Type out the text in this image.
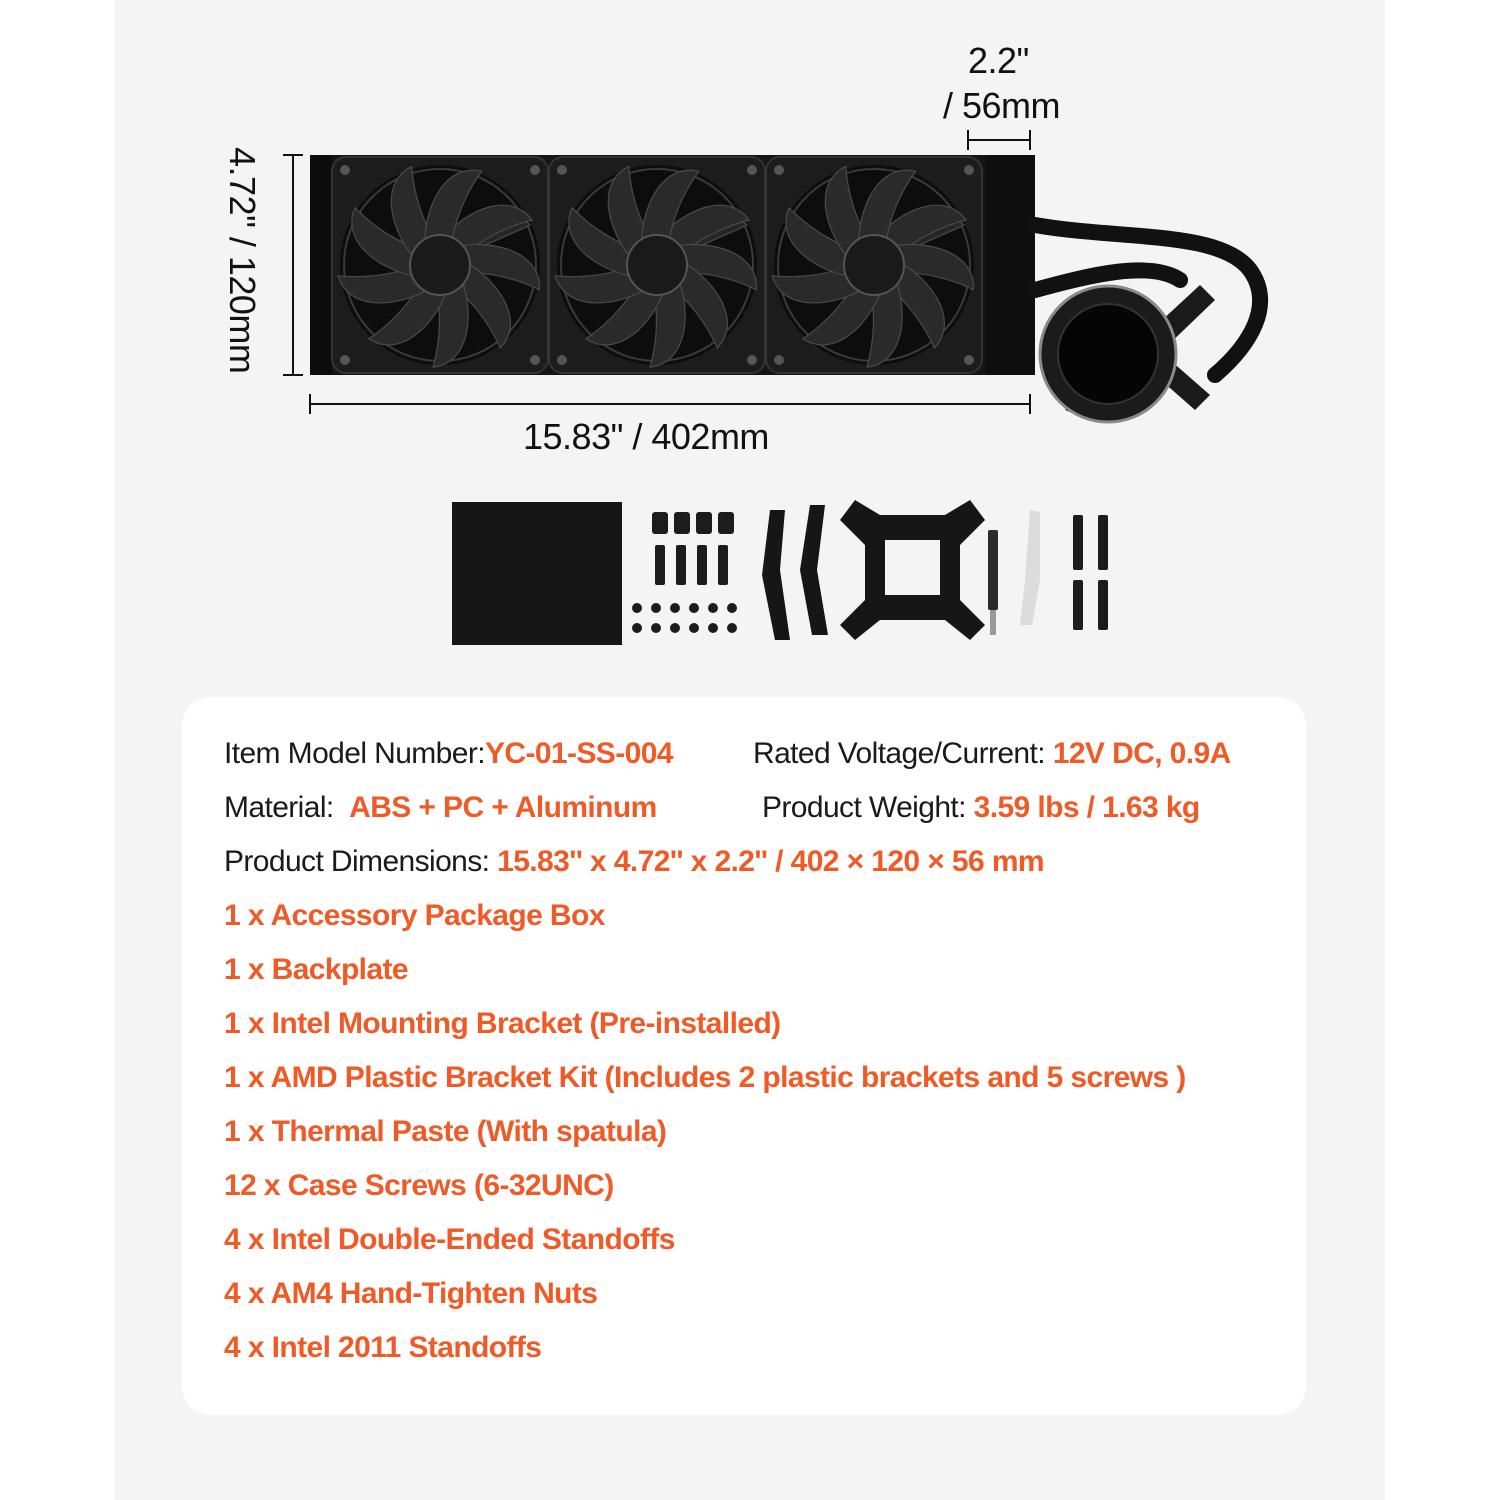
2.2"
/ 56mm
15.83" / 402mm
4.72" / 120mm
Item Model Number:YC-01-SS-004	Rated Voltage/Current: 12V DC, 0.9A
Material: ABS + PC + Aluminum	Product Weight: 3.59 lbs / 1.63 kg
Product Dimensions: 15.83'' x 4.72'' x 2.2'' / 402 × 120 × 56 mm
1 x Accessory Package Box
1 x Backplate
1 x Intel Mounting Bracket (Pre-installed)
1 x AMD Plastic Bracket Kit (Includes 2 plastic brackets and 5 screws )
1 x Thermal Paste (With spatula)
12 x Case Screws (6-32UNC)
4 x Intel Double-Ended Standoffs
4 x AM4 Hand-Tighten Nuts
4 x Intel 2011 Standoffs
